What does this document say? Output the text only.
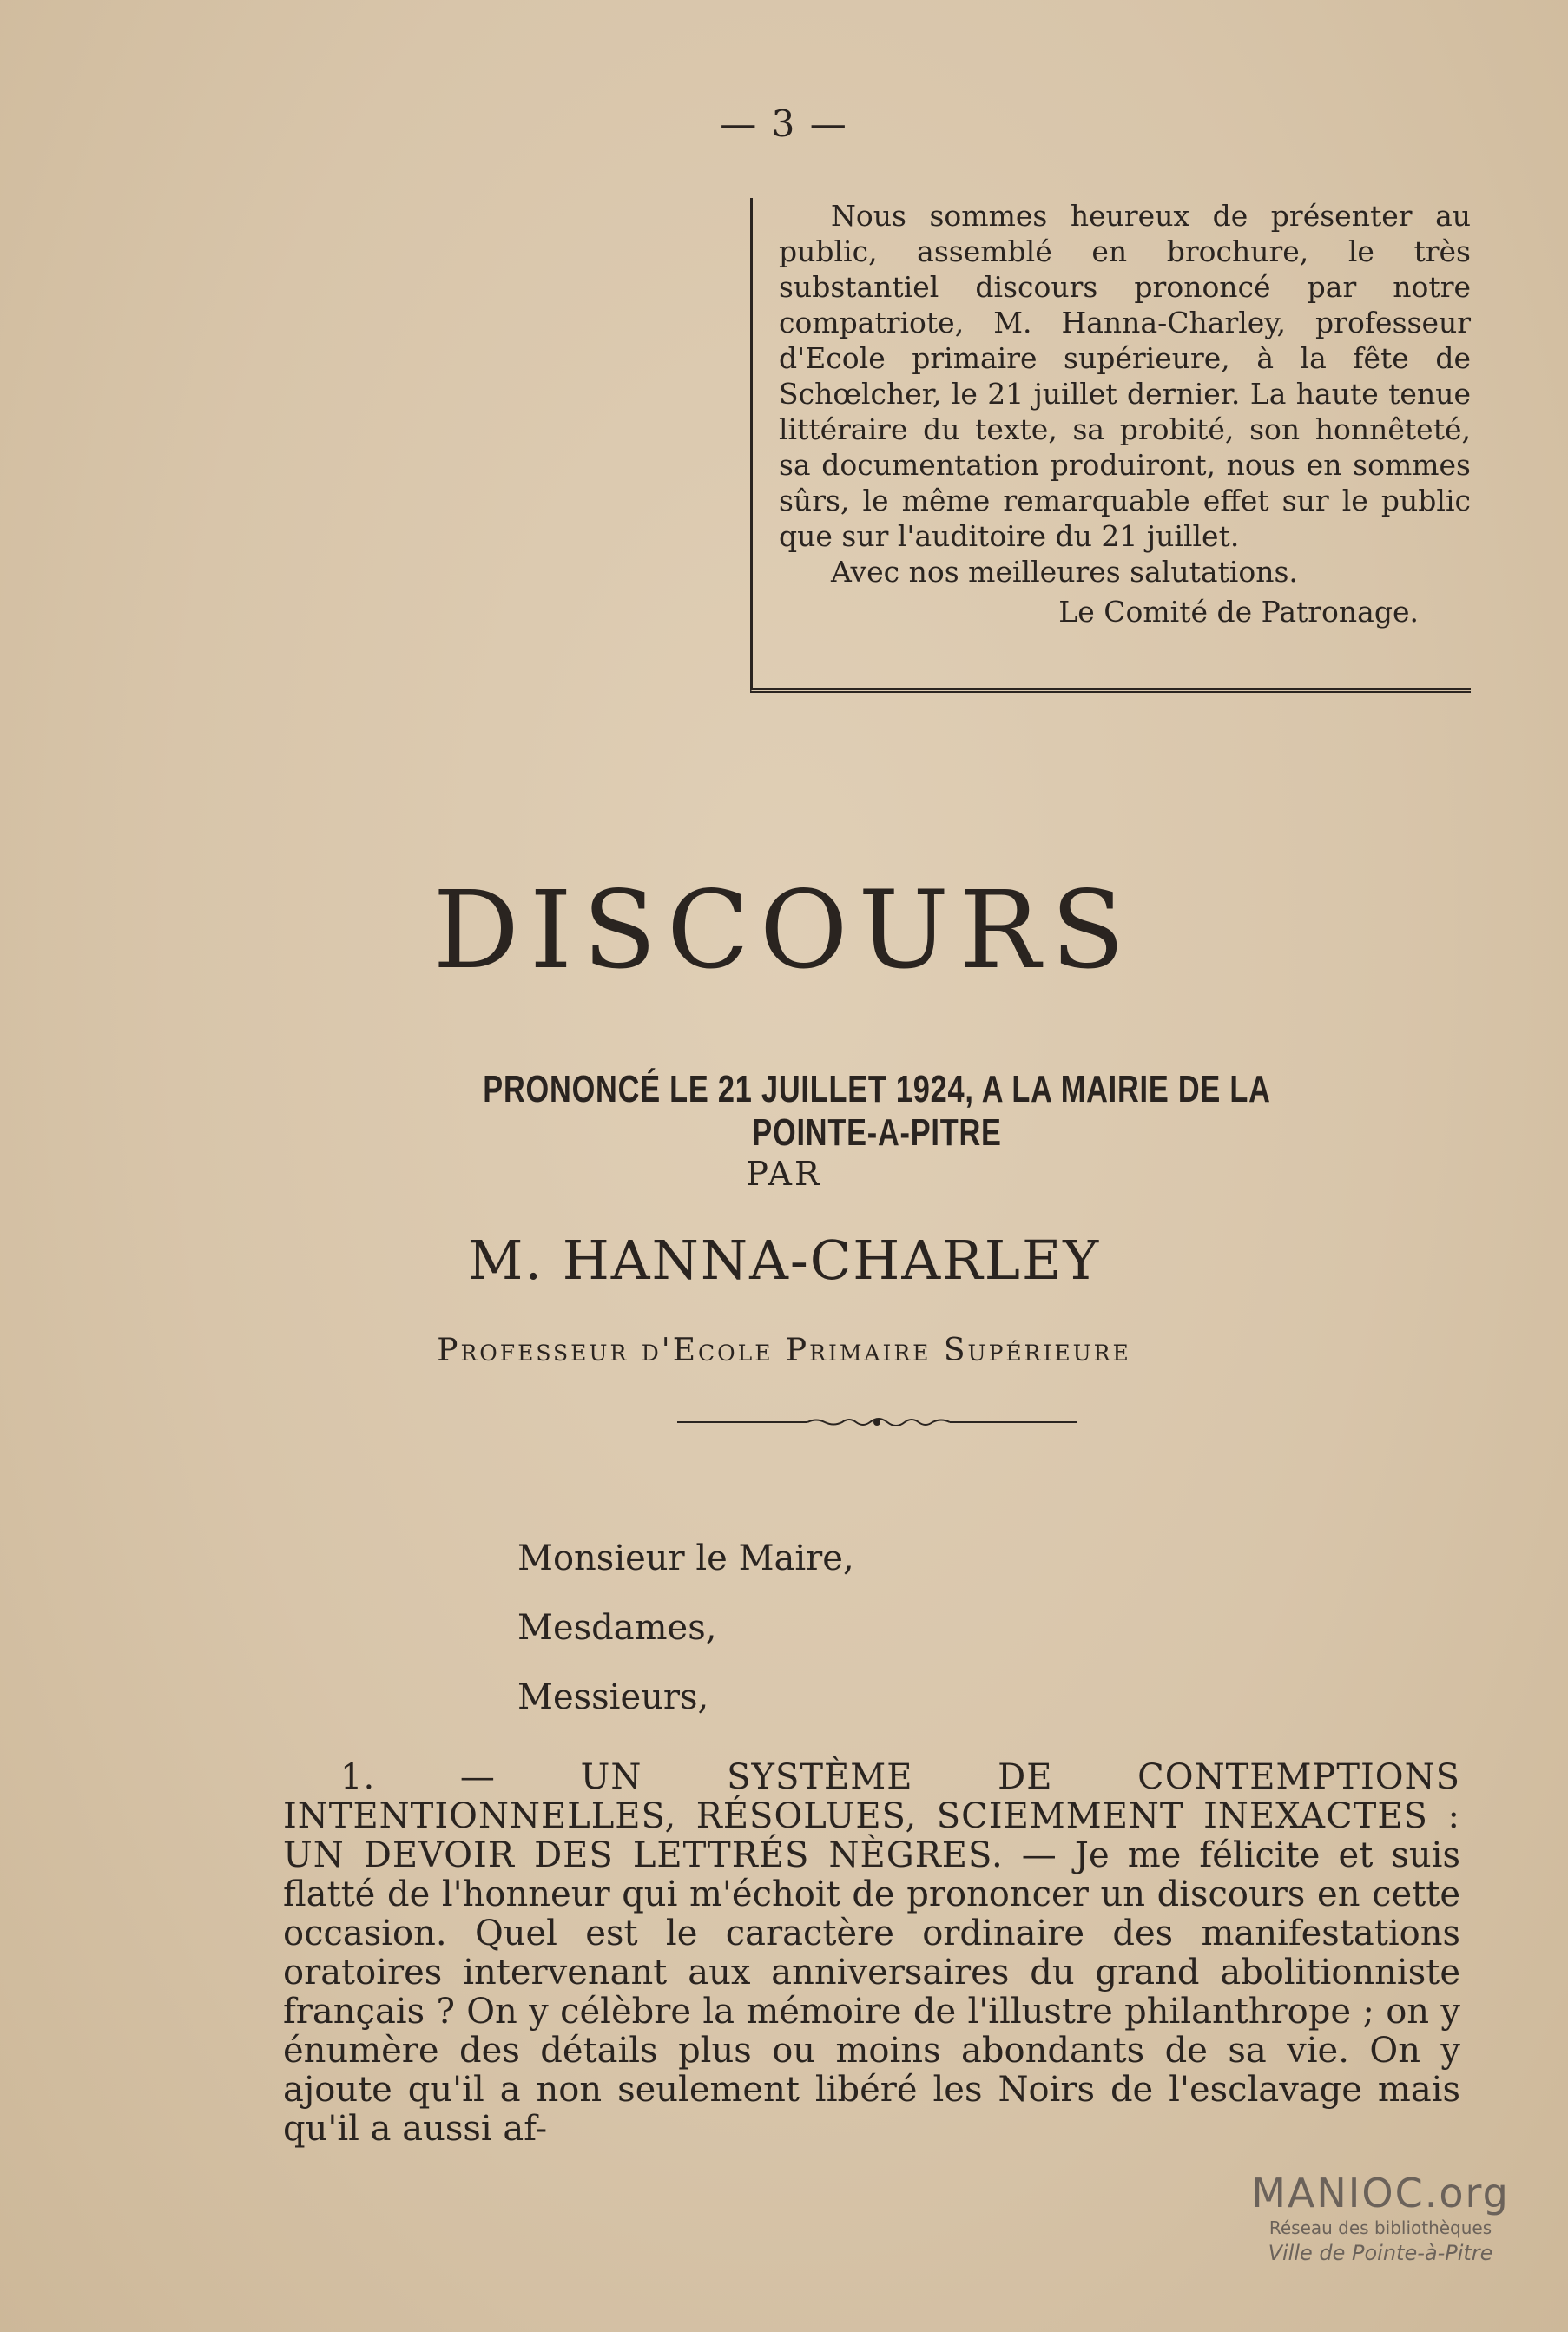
— 3 —

Nous sommes heureux de présenter au public, assemblé en brochure, le très substantiel discours prononcé par notre compatriote, M. Hanna-Charley, professeur d'Ecole primaire supérieure, à la fête de Schœlcher, le 21 juillet dernier. La haute tenue littéraire du texte, sa probité, son honnêteté, sa documentation produiront, nous en sommes sûrs, le même remarquable effet sur le public que sur l'auditoire du 21 juillet.

Avec nos meilleures salutations.

Le Comité de Patronage.

DISCOURS
PRONONCÉ LE 21 JUILLET 1924, A LA MAIRIE DE LA POINTE-A-PITRE
PAR
M. HANNA-CHARLEY
Professeur d'Ecole Primaire Supérieure
Monsieur le Maire,
Mesdames,
Messieurs,

1. — UN SYSTÈME DE CONTEMPTIONS INTENTIONNELLES, RÉSOLUES, SCIEMMENT INEXACTES : UN DEVOIR DES LETTRÉS NÈGRES. — Je me félicite et suis flatté de l'honneur qui m'échoit de prononcer un discours en cette occasion. Quel est le caractère ordinaire des manifestations oratoires intervenant aux anniversaires du grand abolitionniste français ? On y célèbre la mémoire de l'illustre philanthrope ; on y énumère des détails plus ou moins abondants de sa vie. On y ajoute qu'il a non seulement libéré les Noirs de l'esclavage mais qu'il a aussi af-

MANIOC.org
Réseau des bibliothèques
Ville de Pointe-à-Pitre
